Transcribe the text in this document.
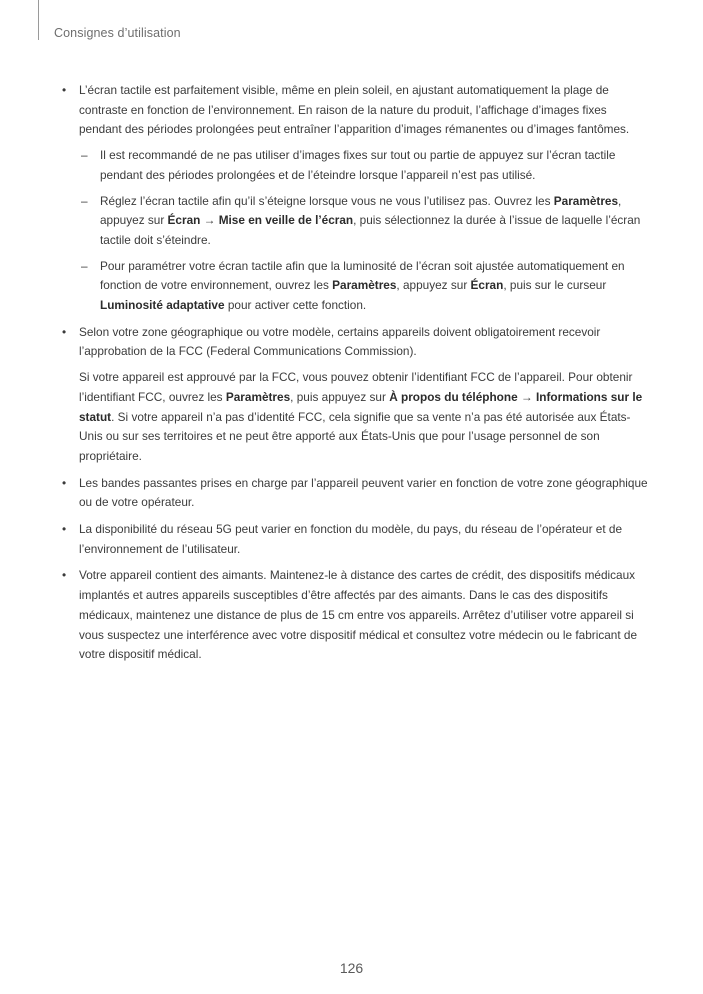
Consignes d’utilisation
• L’écran tactile est parfaitement visible, même en plein soleil, en ajustant automatiquement la plage de contraste en fonction de l’environnement. En raison de la nature du produit, l’affichage d’images fixes pendant des périodes prolongées peut entraîner l’apparition d’images rémanentes ou d’images fantômes.
– Il est recommandé de ne pas utiliser d’images fixes sur tout ou partie de appuyez sur l’écran tactile pendant des périodes prolongées et de l’éteindre lorsque l’appareil n’est pas utilisé.
– Réglez l’écran tactile afin qu’il s’éteigne lorsque vous ne vous l’utilisez pas. Ouvrez les Paramètres, appuyez sur Écran → Mise en veille de l’écran, puis sélectionnez la durée à l’issue de laquelle l’écran tactile doit s’éteindre.
– Pour paramétrer votre écran tactile afin que la luminosité de l’écran soit ajustée automatiquement en fonction de votre environnement, ouvrez les Paramètres, appuyez sur Écran, puis sur le curseur Luminosité adaptative pour activer cette fonction.
• Selon votre zone géographique ou votre modèle, certains appareils doivent obligatoirement recevoir l’approbation de la FCC (Federal Communications Commission).
Si votre appareil est approuvé par la FCC, vous pouvez obtenir l’identifiant FCC de l’appareil. Pour obtenir l’identifiant FCC, ouvrez les Paramètres, puis appuyez sur À propos du téléphone → Informations sur le statut. Si votre appareil n’a pas d’identité FCC, cela signifie que sa vente n’a pas été autorisée aux États-Unis ou sur ses territoires et ne peut être apporté aux États-Unis que pour l’usage personnel de son propriétaire.
• Les bandes passantes prises en charge par l’appareil peuvent varier en fonction de votre zone géographique ou de votre opérateur.
• La disponibilité du réseau 5G peut varier en fonction du modèle, du pays, du réseau de l’opérateur et de l’environnement de l’utilisateur.
• Votre appareil contient des aimants. Maintenez-le à distance des cartes de crédit, des dispositifs médicaux implantés et autres appareils susceptibles d’être affectés par des aimants. Dans le cas des dispositifs médicaux, maintenez une distance de plus de 15 cm entre vos appareils. Arrêtez d’utiliser votre appareil si vous suspectez une interférence avec votre dispositif médical et consultez votre médecin ou le fabricant de votre dispositif médical.
126
